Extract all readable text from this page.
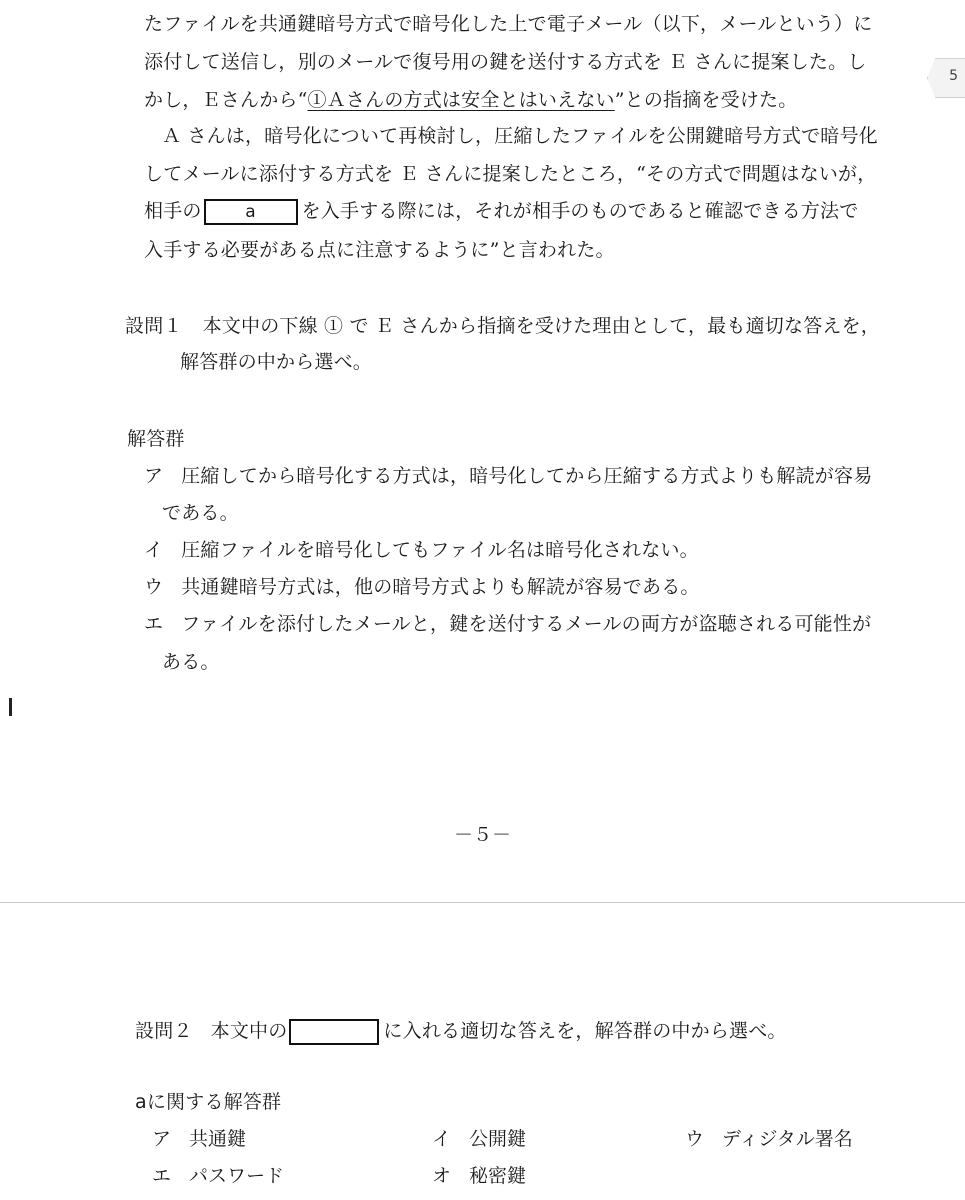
たファイルを共通鍵暗号方式で暗号化した上で電子メール（以下，メールという）に
添付して送信し，別のメールで復号用の鍵を送付する方式を Ｅ さんに提案した。し
かし，Ｅさんから“①Ａさんの方式は安全とはいえない”との指摘を受けた。
Ａ さんは，暗号化について再検討し，圧縮したファイルを公開鍵暗号方式で暗号化
してメールに添付する方式を Ｅ さんに提案したところ，“その方式で問題はないが，
相手の	a を入手する際には，それが相手のものであると確認できる方法で
入手する必要がある点に注意するように”と言われた。
設問１ 本文中の下線 ① で Ｅ さんから指摘を受けた理由として，最も適切な答えを，
解答群の中から選べ。
解答群
ア 圧縮してから暗号化する方式は，暗号化してから圧縮する方式よりも解読が容易
である。
イ 圧縮ファイルを暗号化してもファイル名は暗号化されない。
ウ 共通鍵暗号方式は，他の暗号方式よりも解読が容易である。
エ ファイルを添付したメールと，鍵を送付するメールの両方が盗聴される可能性が
ある。
－５－
5
設問２ 本文中の	に入れる適切な答えを，解答群の中から選べ。
aに関する解答群
ア 共通鍵	イ 公開鍵	ウ ディジタル署名
エ パスワード	オ 秘密鍵
